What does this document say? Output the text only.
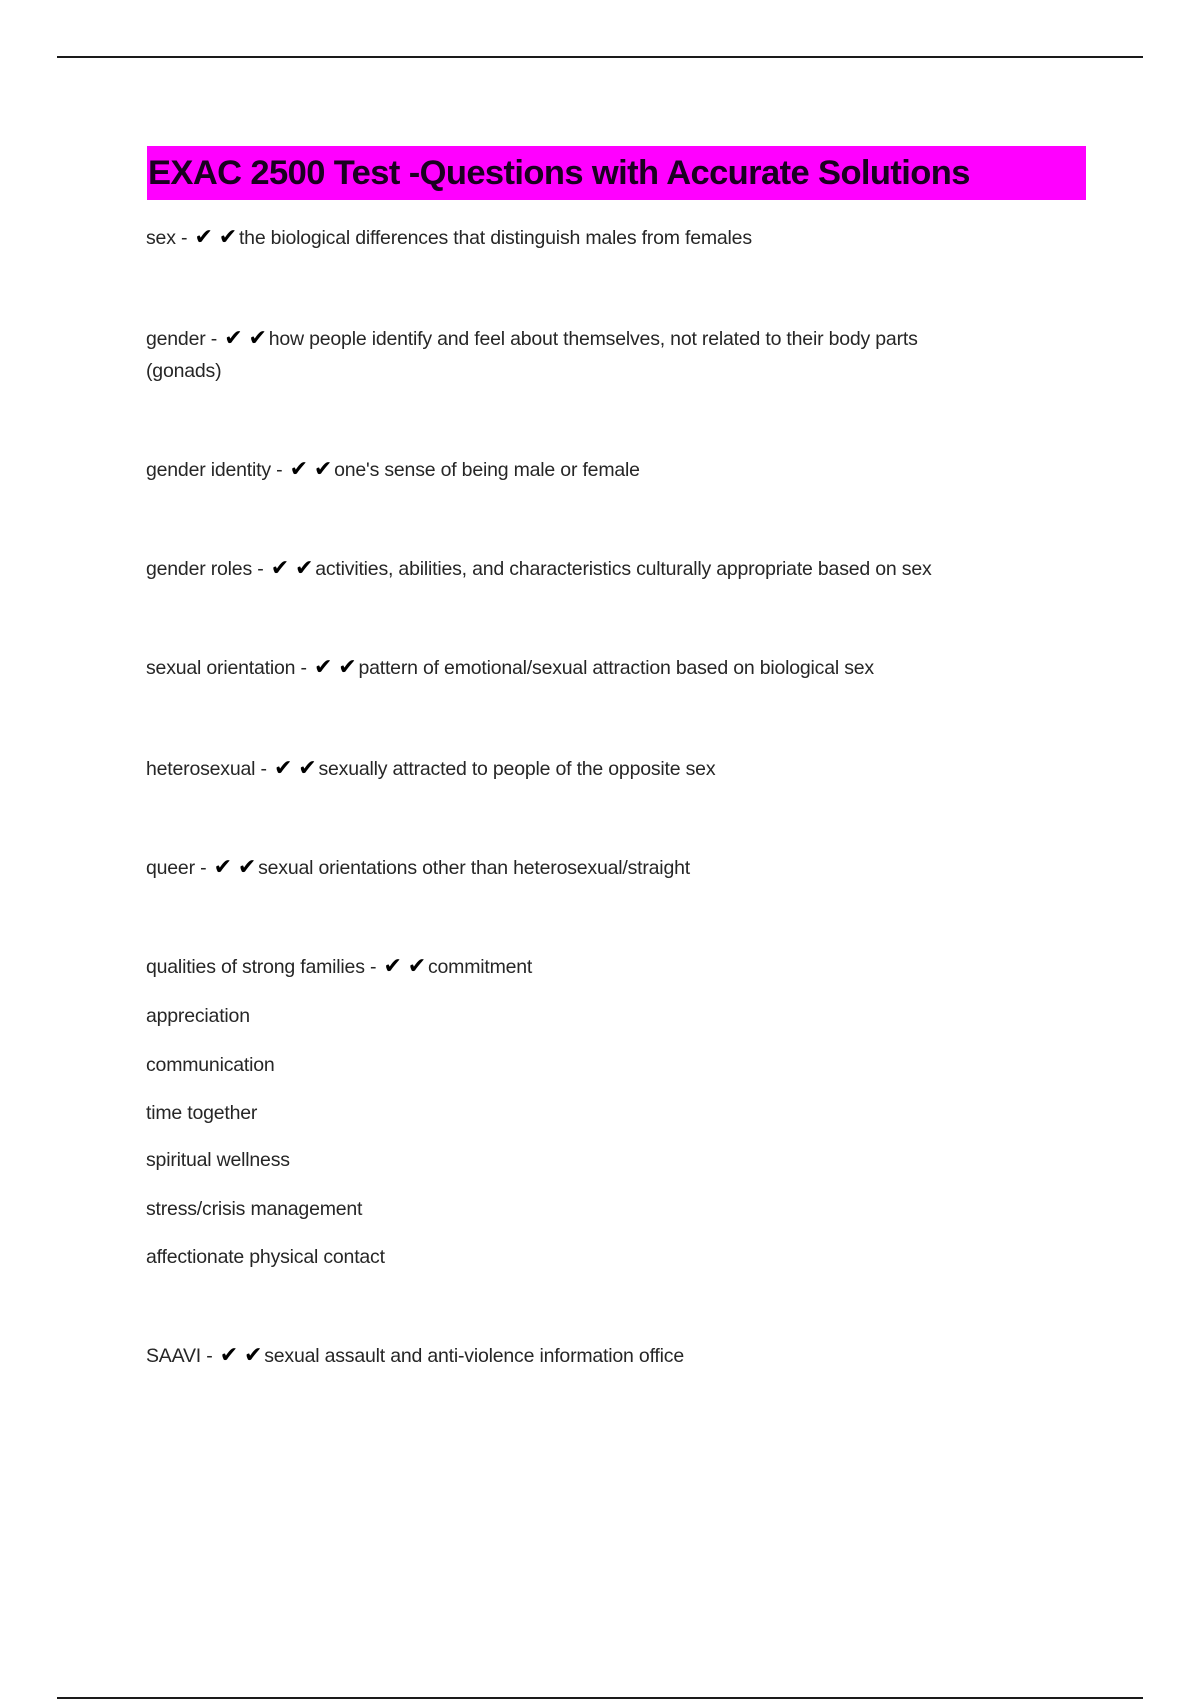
EXAC 2500 Test -Questions with Accurate Solutions
sex - ✔ ✔ the biological differences that distinguish males from females
gender - ✔ ✔ how people identify and feel about themselves, not related to their body parts
(gonads)
gender identity - ✔ ✔ one's sense of being male or female
gender roles - ✔ ✔ activities, abilities, and characteristics culturally appropriate based on sex
sexual orientation - ✔ ✔ pattern of emotional/sexual attraction based on biological sex
heterosexual - ✔ ✔ sexually attracted to people of the opposite sex
queer - ✔ ✔ sexual orientations other than heterosexual/straight
qualities of strong families - ✔ ✔ commitment
appreciation
communication
time together
spiritual wellness
stress/crisis management
affectionate physical contact
SAAVI - ✔ ✔ sexual assault and anti-violence information office
